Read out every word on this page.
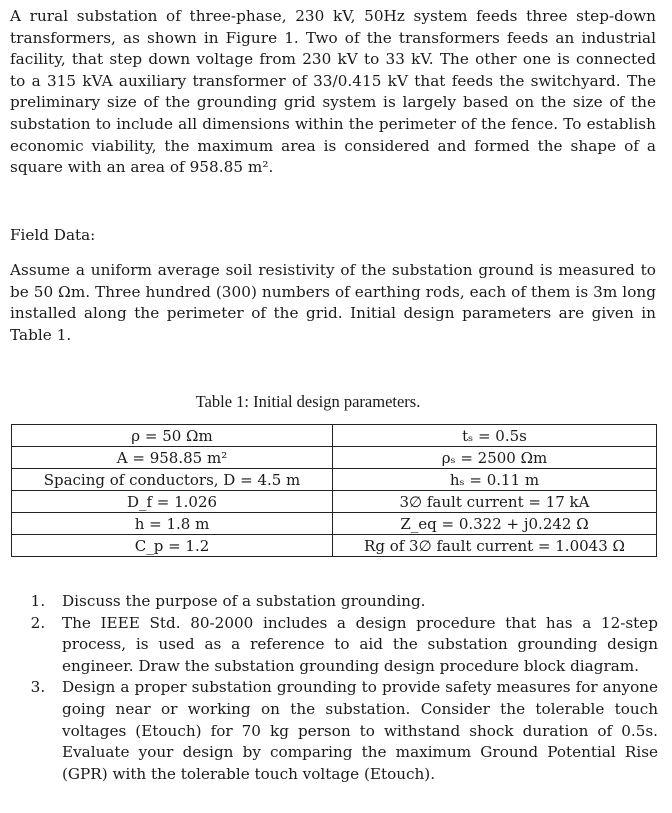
A rural substation of three-phase, 230 kV, 50Hz system feeds three step-down transformers, as shown in Figure 1. Two of the transformers feeds an industrial facility, that step down voltage from 230 kV to 33 kV. The other one is connected to a 315 kVA auxiliary transformer of 33/0.415 kV that feeds the switchyard. The preliminary size of the grounding grid system is largely based on the size of the substation to include all dimensions within the perimeter of the fence. To establish economic viability, the maximum area is considered and formed the shape of a square with an area of 958.85 m².

Field Data:

Assume a uniform average soil resistivity of the substation ground is measured to be 50 Ωm. Three hundred (300) numbers of earthing rods, each of them is 3m long installed along the perimeter of the grid. Initial design parameters are given in Table 1.

Table 1: Initial design parameters.
ρ = 50 Ωm	tₛ = 0.5s
A = 958.85 m²	ρₛ = 2500 Ωm
Spacing of conductors, D = 4.5 m	hₛ = 0.11 m
D_f = 1.026	3∅ fault current = 17 kA
h = 1.8 m	Z_eq = 0.322 + j0.242 Ω
C_p = 1.2	Rg of 3∅ fault current = 1.0043 Ω
1. Discuss the purpose of a substation grounding.
2. The IEEE Std. 80-2000 includes a design procedure that has a 12-step process, is used as a reference to aid the substation grounding design engineer. Draw the substation grounding design procedure block diagram.
3. Design a proper substation grounding to provide safety measures for anyone going near or working on the substation. Consider the tolerable touch voltages (Etouch) for 70 kg person to withstand shock duration of 0.5s. Evaluate your design by comparing the maximum Ground Potential Rise (GPR) with the tolerable touch voltage (Etouch).
